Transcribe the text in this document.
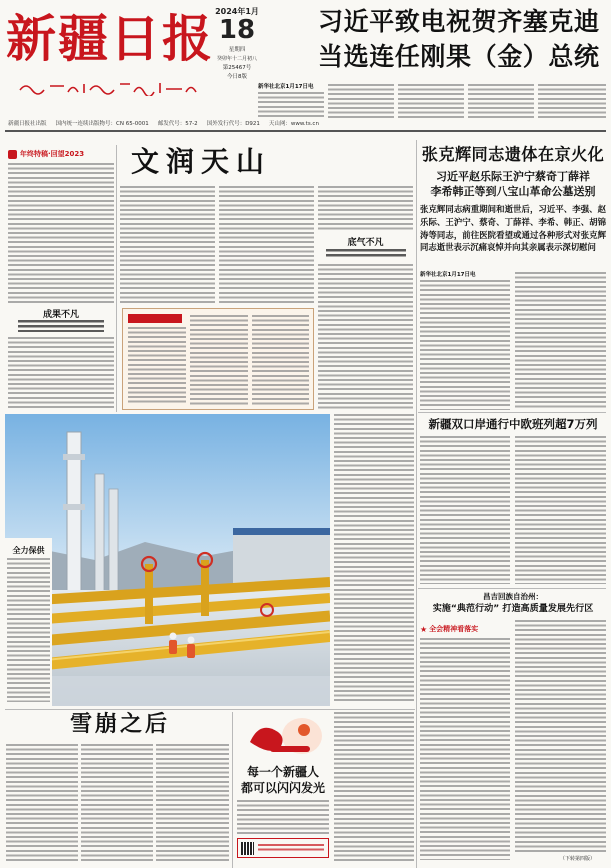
新疆日报 2024年1月
18
星期四
癸卯年十二月初八
第25467号
今日8版
习近平致电祝贺齐塞克迪
当选连任刚果（金）总统
新华社北京1月17日电
新疆日报社出版 国内统一连续出版物号：CN 65-0001 邮发代号：57-2 国外发行代号：D921 天山网：www.ts.cn
年终特稿·回望2023
成果不凡
文润天山
底气不凡
张克辉同志遗体在京火化
习近平赵乐际王沪宁蔡奇丁薛祥
李希韩正等到八宝山革命公墓送别
张克辉同志病重期间和逝世后，习近平、李强、赵乐际、王沪宁、蔡奇、丁薛祥、李希、韩正、胡锦涛等同志，前往医院看望或通过各种形式对张克辉同志逝世表示沉痛哀悼并向其亲属表示深切慰问
新华社北京1月17日电
新疆双口岸通行中欧班列超7万列
昌吉回族自治州：
实施“典范行动” 打造高质量发展先行区
★ 全会精神看落实
（下转第四版）
全力保供
雪崩之后
每一个新疆人
都可以闪闪发光
